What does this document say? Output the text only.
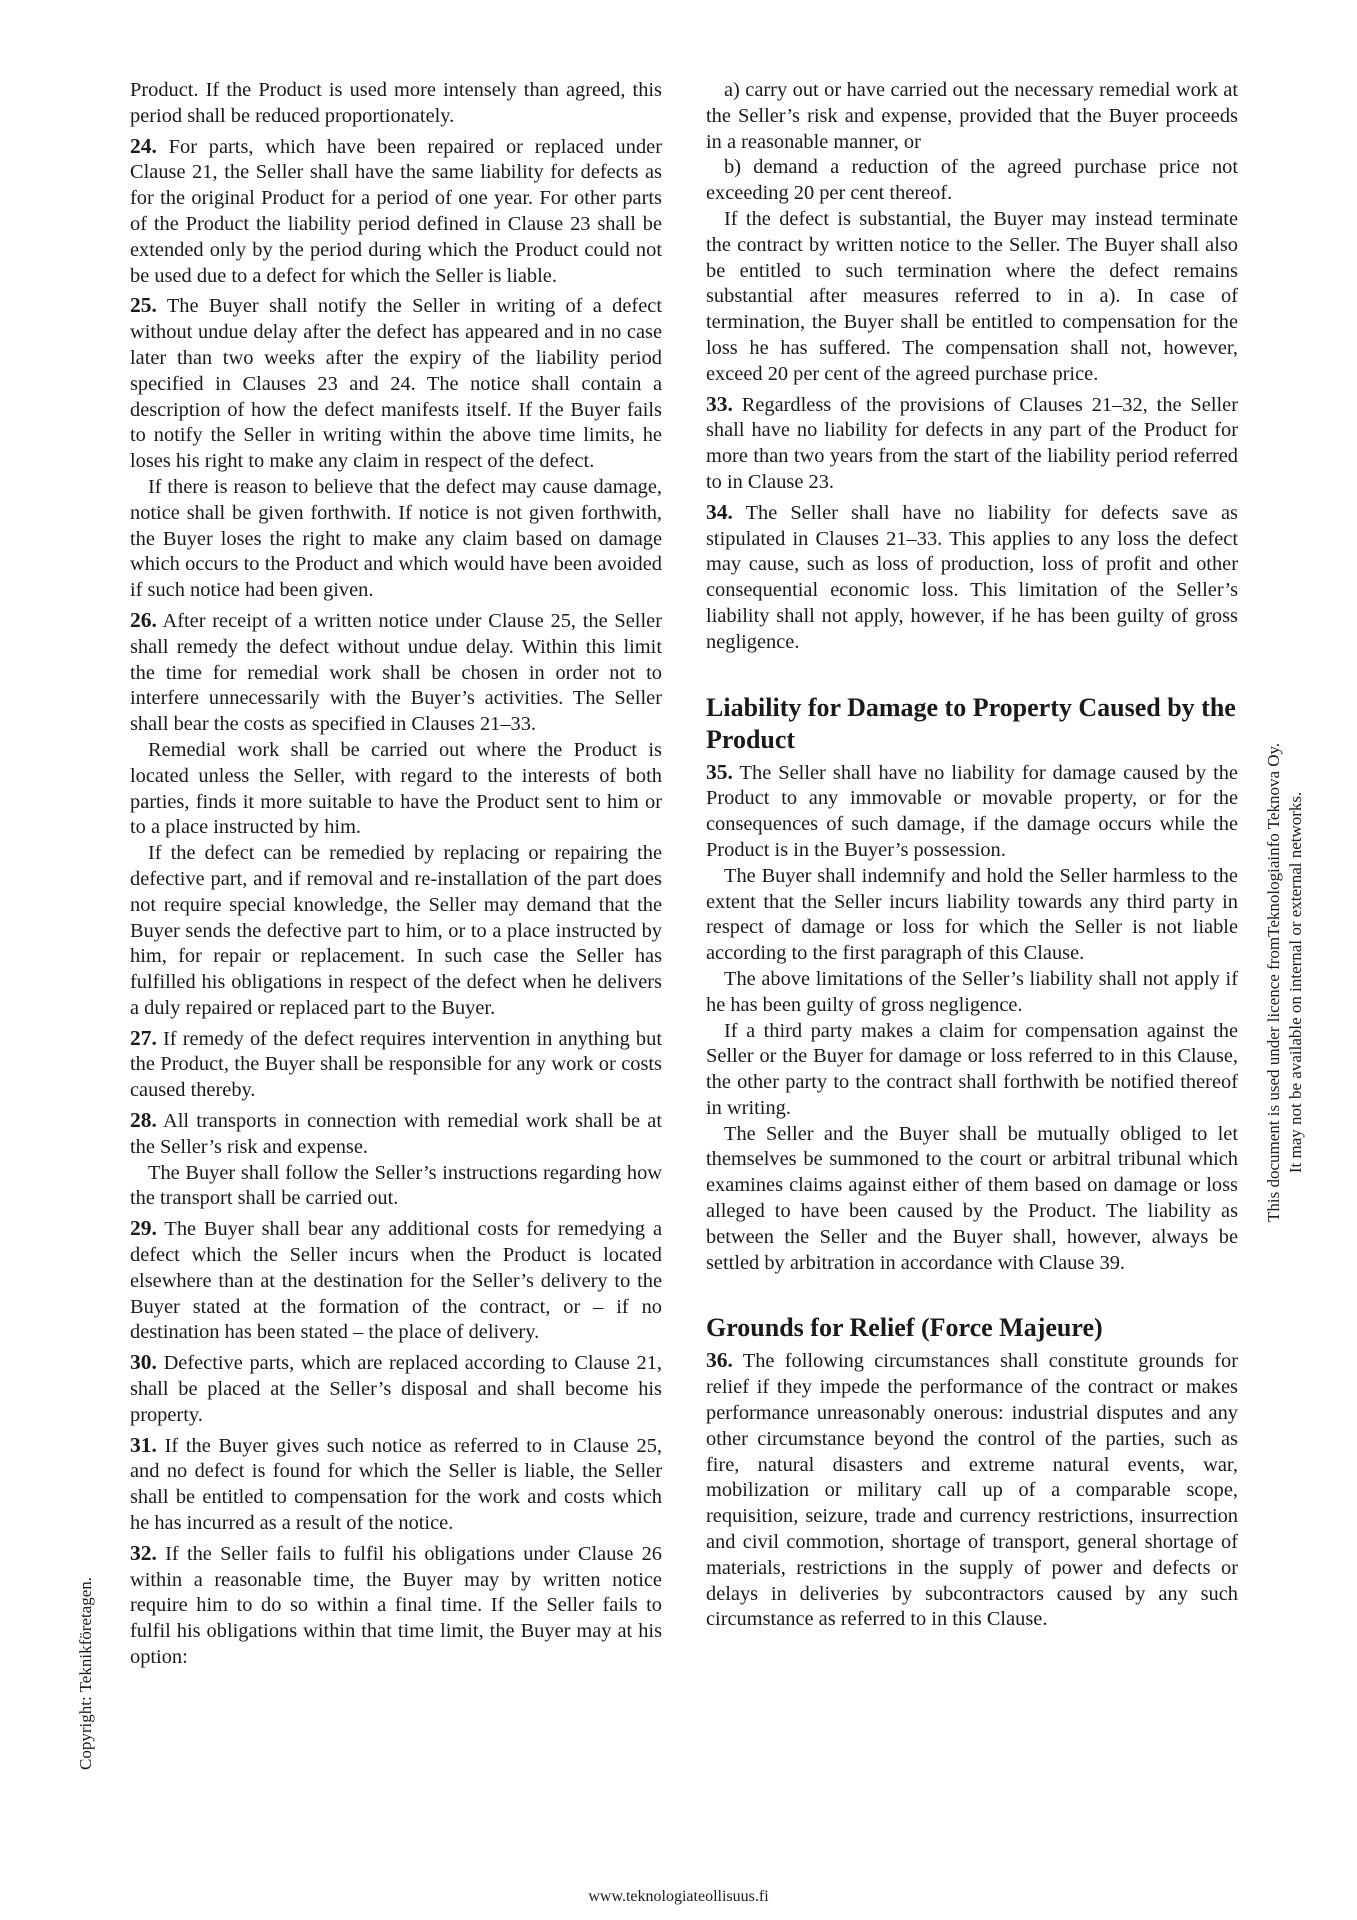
Product. If the Product is used more intensely than agreed, this period shall be reduced proportionately.

24. For parts, which have been repaired or replaced under Clause 21, the Seller shall have the same liability for defects as for the original Product for a period of one year. For other parts of the Product the liability period defined in Clause 23 shall be extended only by the period during which the Product could not be used due to a defect for which the Seller is liable.

25. The Buyer shall notify the Seller in writing of a defect without undue delay after the defect has appeared and in no case later than two weeks after the expiry of the liability period specified in Clauses 23 and 24. The notice shall contain a description of how the defect manifests itself. If the Buyer fails to notify the Seller in writing within the above time limits, he loses his right to make any claim in respect of the defect.

If there is reason to believe that the defect may cause damage, notice shall be given forthwith. If notice is not given forthwith, the Buyer loses the right to make any claim based on damage which occurs to the Product and which would have been avoided if such notice had been given.

26. After receipt of a written notice under Clause 25, the Seller shall remedy the defect without undue delay. Within this limit the time for remedial work shall be chosen in order not to interfere unnecessarily with the Buyer’s activities. The Seller shall bear the costs as specified in Clauses 21–33.

Remedial work shall be carried out where the Product is located unless the Seller, with regard to the interests of both parties, finds it more suitable to have the Product sent to him or to a place instructed by him.

If the defect can be remedied by replacing or repairing the defective part, and if removal and re-installation of the part does not require special knowledge, the Seller may demand that the Buyer sends the defective part to him, or to a place instructed by him, for repair or replacement. In such case the Seller has fulfilled his obligations in respect of the defect when he delivers a duly repaired or replaced part to the Buyer.

27. If remedy of the defect requires intervention in anything but the Product, the Buyer shall be responsible for any work or costs caused thereby.

28. All transports in connection with remedial work shall be at the Seller’s risk and expense.

The Buyer shall follow the Seller’s instructions regarding how the transport shall be carried out.

29. The Buyer shall bear any additional costs for remedying a defect which the Seller incurs when the Product is located elsewhere than at the destination for the Seller’s delivery to the Buyer stated at the formation of the contract, or – if no destination has been stated – the place of delivery.

30. Defective parts, which are replaced according to Clause 21, shall be placed at the Seller’s disposal and shall become his property.

31. If the Buyer gives such notice as referred to in Clause 25, and no defect is found for which the Seller is liable, the Seller shall be entitled to compensation for the work and costs which he has incurred as a result of the notice.

32. If the Seller fails to fulfil his obligations under Clause 26 within a reasonable time, the Buyer may by written notice require him to do so within a final time. If the Seller fails to fulfil his obligations within that time limit, the Buyer may at his option:

a) carry out or have carried out the necessary remedial work at the Seller’s risk and expense, provided that the Buyer proceeds in a reasonable manner, or

b) demand a reduction of the agreed purchase price not exceeding 20 per cent thereof.

If the defect is substantial, the Buyer may instead terminate the contract by written notice to the Seller. The Buyer shall also be entitled to such termination where the defect remains substantial after measures referred to in a). In case of termination, the Buyer shall be entitled to compensation for the loss he has suffered. The compensation shall not, however, exceed 20 per cent of the agreed purchase price.

33. Regardless of the provisions of Clauses 21–32, the Seller shall have no liability for defects in any part of the Product for more than two years from the start of the liability period referred to in Clause 23.

34. The Seller shall have no liability for defects save as stipulated in Clauses 21–33. This applies to any loss the defect may cause, such as loss of production, loss of profit and other consequential economic loss. This limitation of the Seller’s liability shall not apply, however, if he has been guilty of gross negligence.

Liability for Damage to Property Caused by the Product

35. The Seller shall have no liability for damage caused by the Product to any immovable or movable property, or for the consequences of such damage, if the damage occurs while the Product is in the Buyer’s possession.

The Buyer shall indemnify and hold the Seller harmless to the extent that the Seller incurs liability towards any third party in respect of damage or loss for which the Seller is not liable according to the first paragraph of this Clause.

The above limitations of the Seller’s liability shall not apply if he has been guilty of gross negligence.

If a third party makes a claim for compensation against the Seller or the Buyer for damage or loss referred to in this Clause, the other party to the contract shall forthwith be notified thereof in writing.

The Seller and the Buyer shall be mutually obliged to let themselves be summoned to the court or arbitral tribunal which examines claims against either of them based on damage or loss alleged to have been caused by the Product. The liability as between the Seller and the Buyer shall, however, always be settled by arbitration in accordance with Clause 39.

Grounds for Relief (Force Majeure)

36. The following circumstances shall constitute grounds for relief if they impede the performance of the contract or makes performance unreasonably onerous: industrial disputes and any other circumstance beyond the control of the parties, such as fire, natural disasters and extreme natural events, war, mobilization or military call up of a comparable scope, requisition, seizure, trade and currency restrictions, insurrection and civil commotion, shortage of transport, general shortage of materials, restrictions in the supply of power and defects or delays in deliveries by subcontractors caused by any such circumstance as referred to in this Clause.

Copyright: Teknikföretagen.
This document is used under licence fromTeknologiainfo Teknova Oy. It may not be available on internal or external networks.
www.teknologiateollisuus.fi
